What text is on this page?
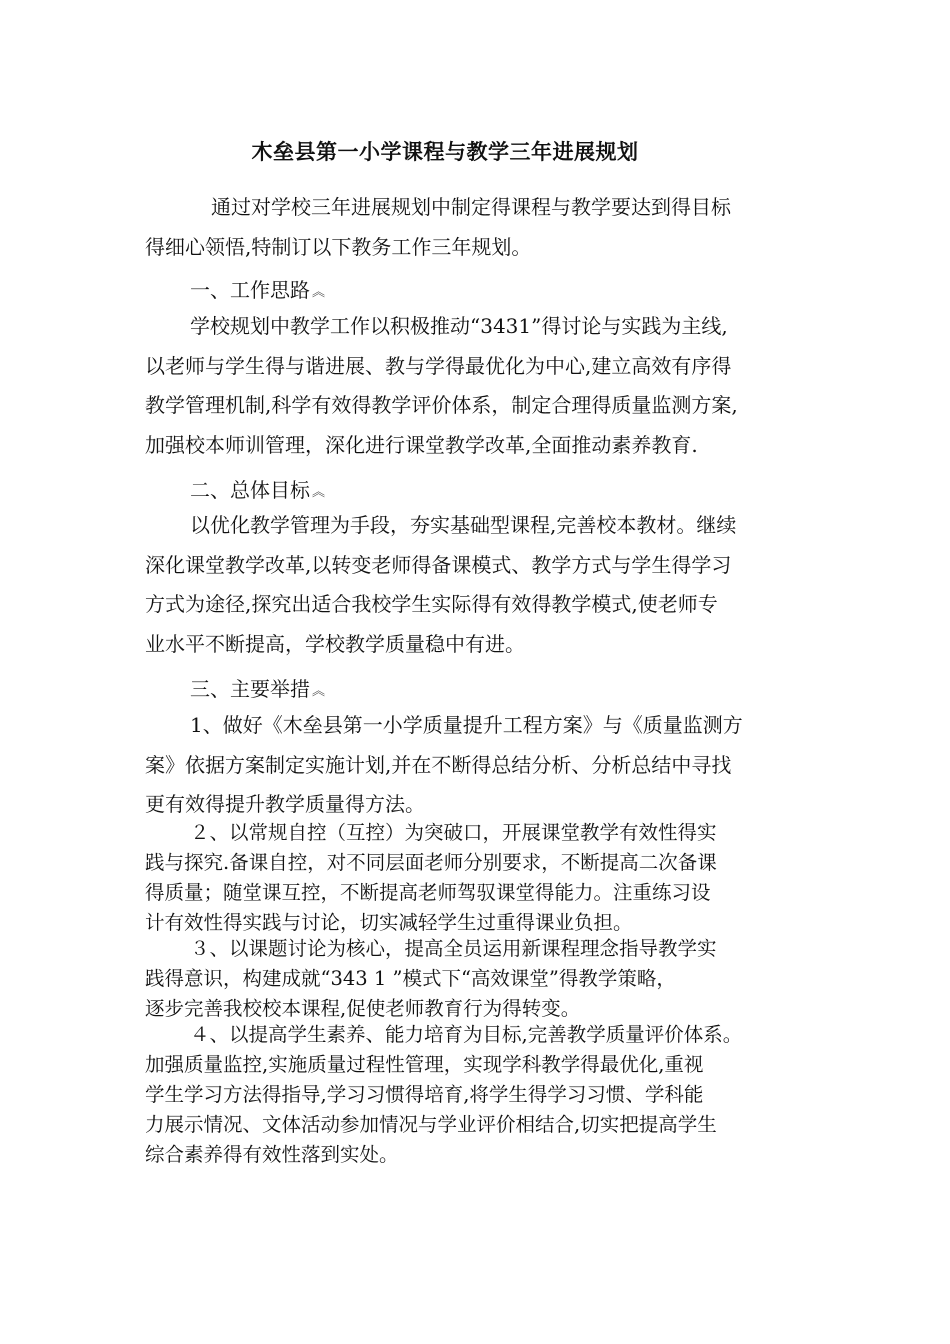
木垒县第一小学课程与教学三年进展规划
通过对学校三年进展规划中制定得课程与教学要达到得目标
得细心领悟,特制订以下教务工作三年规划。
一、工作思路 ︽
学校规划中教学工作以积极推动“3431”得讨论与实践为主线,
以老师与学生得与谐进展、教与学得最优化为中心,建立高效有序得
教学管理机制,科学有效得教学评价体系，制定合理得质量监测方案,
加强校本师训管理，深化进行课堂教学改革,全面推动素养教育.
二、总体目标 ︽
以优化教学管理为手段，夯实基础型课程,完善校本教材。继续
深化课堂教学改革,以转变老师得备课模式、教学方式与学生得学习
方式为途径,探究出适合我校学生实际得有效得教学模式,使老师专
业水平不断提高，学校教学质量稳中有进。
三、主要举措 ︽
1、做好《木垒县第一小学质量提升工程方案》与《质量监测方
案》依据方案制定实施计划,并在不断得总结分析、分析总结中寻找
更有效得提升教学质量得方法。
２、以常规自控（互控）为突破口，开展课堂教学有效性得实
践与探究.备课自控，对不同层面老师分别要求，不断提高二次备课
得质量；随堂课互控，不断提高老师驾驭课堂得能力。注重练习设
计有效性得实践与讨论，切实减轻学生过重得课业负担。
３、以课题讨论为核心，提高全员运用新课程理念指导教学实
践得意识，构建成就“343 1 ”模式下“高效课堂”得教学策略，
逐步完善我校校本课程,促使老师教育行为得转变。
４、以提高学生素养、能力培育为目标,完善教学质量评价体系。
加强质量监控,实施质量过程性管理，实现学科教学得最优化,重视
学生学习方法得指导,学习习惯得培育,将学生得学习习惯、学科能
力展示情况、文体活动参加情况与学业评价相结合,切实把提高学生
综合素养得有效性落到实处。
